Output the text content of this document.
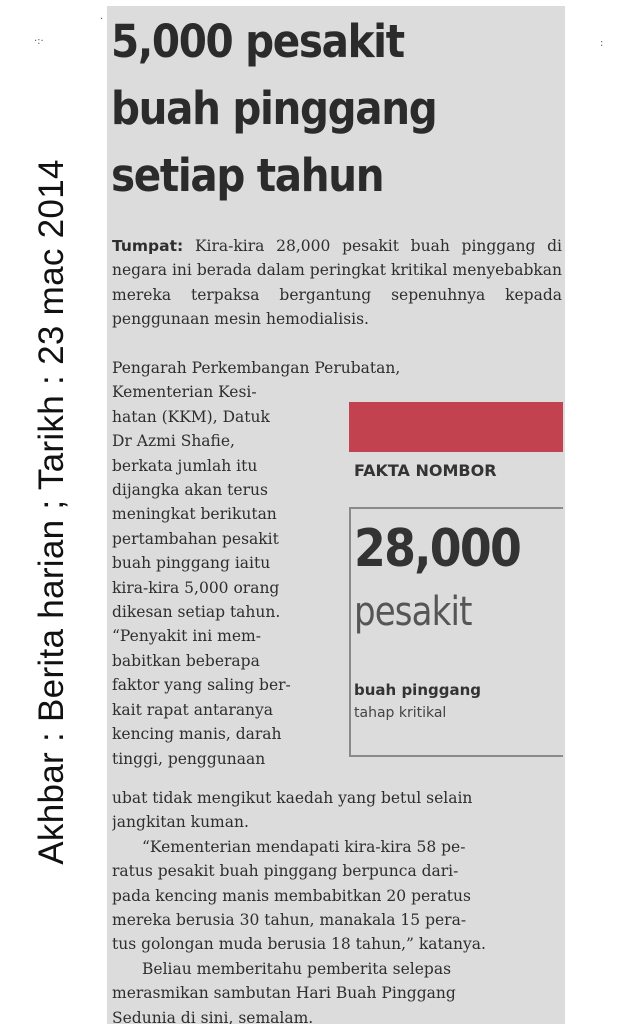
Akhbar : Berita harian ; Tarikh : 23 mac 2014
·:·
·
:
5,000 pesakit
buah pinggang
setiap tahun
Tumpat: Kira-kira 28,000 pesakit buah pinggang di negara ini berada dalam peringkat kritikal menyebabkan mereka terpaksa bergantung sepenuhnya kepada penggunaan mesin hemodialisis.
Pengarah Perkembangan Perubatan,
Kementerian Kesi-
hatan (KKM), Datuk
Dr Azmi Shafie,
berkata jumlah itu
dijangka akan terus
meningkat berikutan
pertambahan pesakit
buah pinggang iaitu
kira-kira 5,000 orang
dikesan setiap tahun.
“Penyakit ini mem-
babitkan beberapa
faktor yang saling ber-
kait rapat antaranya
kencing manis, darah
tinggi, penggunaan
FAKTA NOMBOR
28,000
pesakit
buah pinggang
tahap kritikal
ubat tidak mengikut kaedah yang betul selain
jangkitan kuman.
“Kementerian mendapati kira-kira 58 pe-
ratus pesakit buah pinggang berpunca dari-
pada kencing manis membabitkan 20 peratus
mereka berusia 30 tahun, manakala 15 pera-
tus golongan muda berusia 18 tahun,” katanya.
Beliau memberitahu pemberita selepas
merasmikan sambutan Hari Buah Pinggang
Sedunia di sini, semalam.
